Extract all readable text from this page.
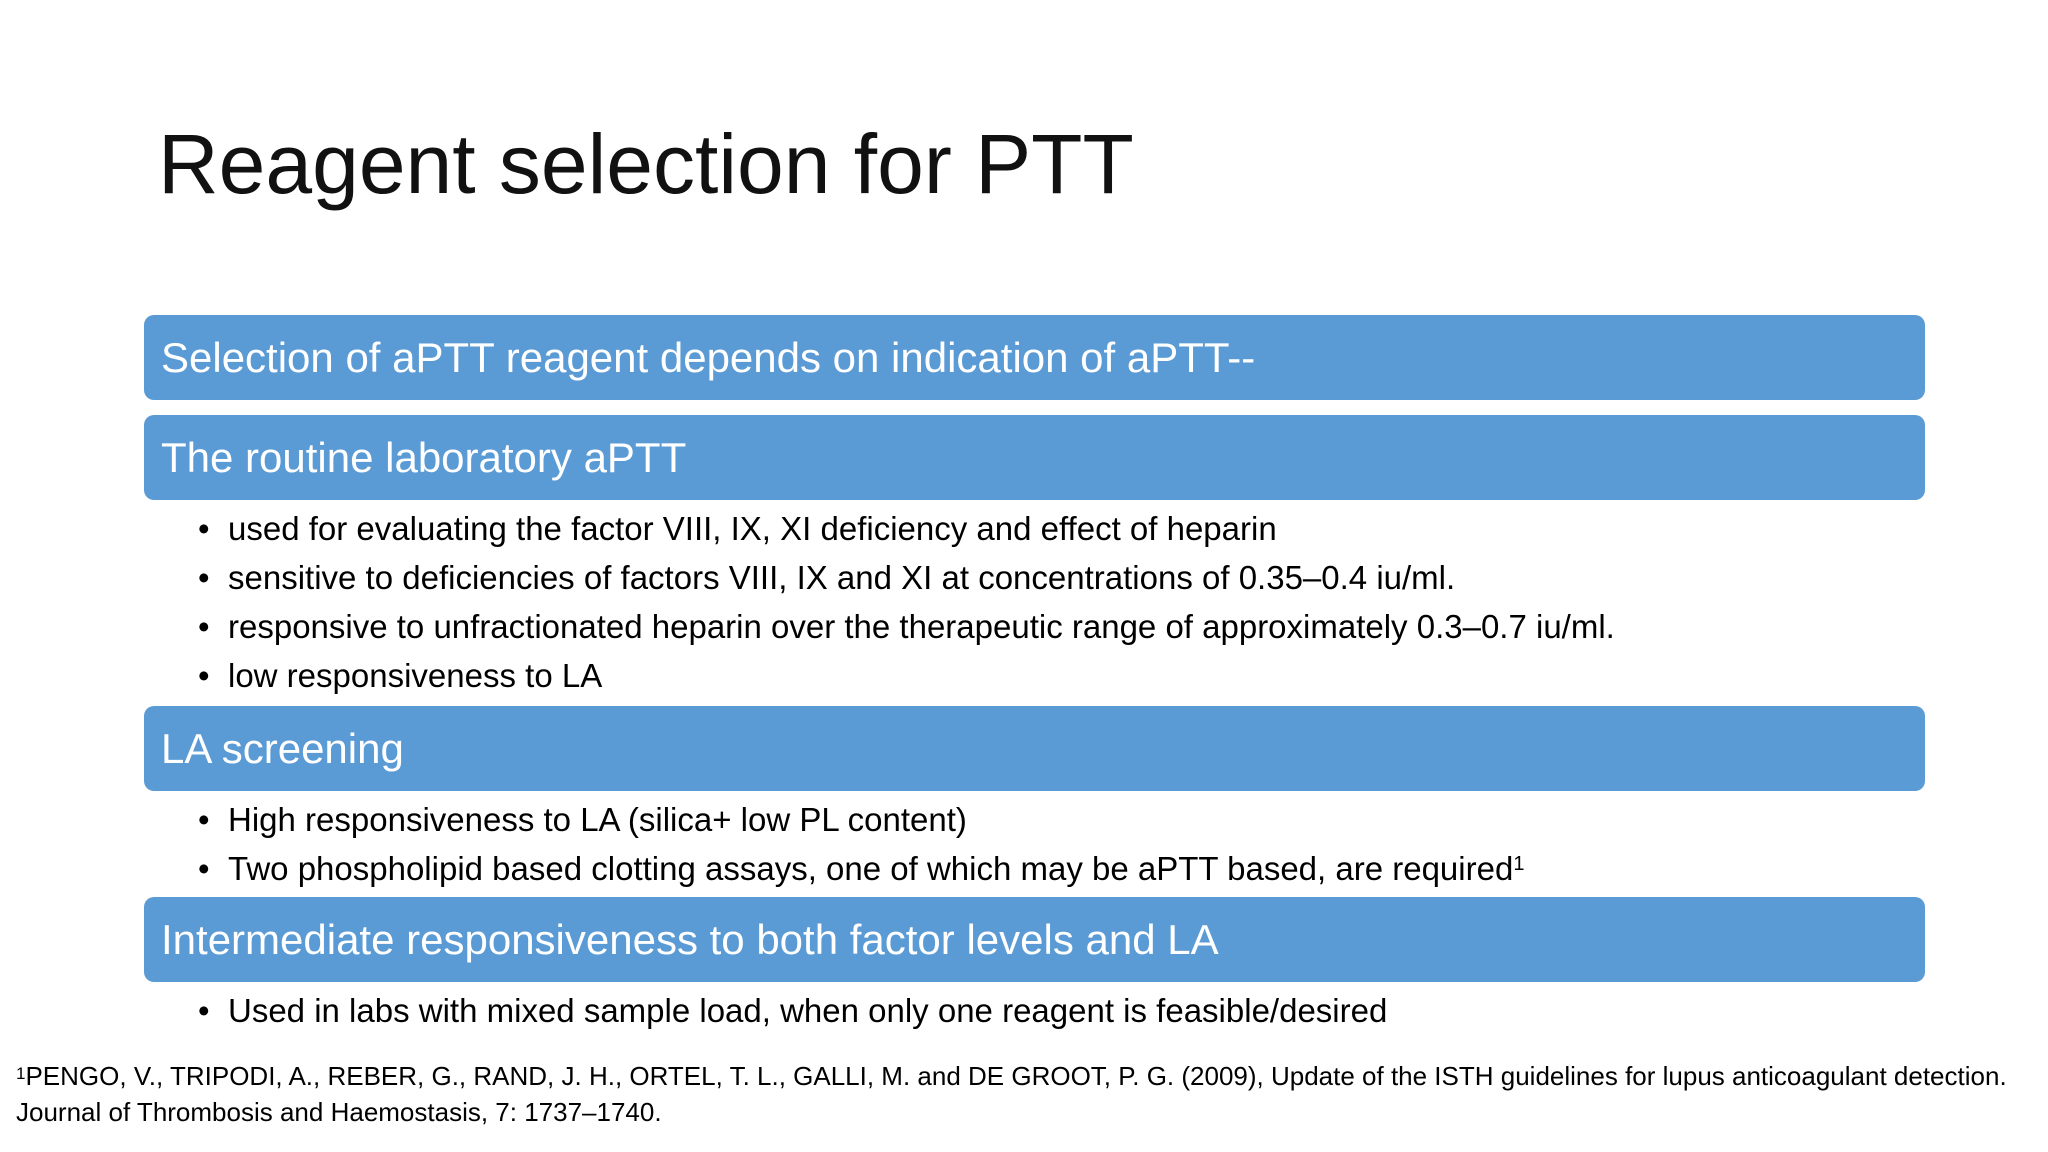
Reagent selection for PTT
Selection of aPTT reagent depends on indication of aPTT--
The routine laboratory aPTT
• used for evaluating the factor VIII, IX, XI deficiency and effect of heparin
• sensitive to deficiencies of factors VIII, IX and XI at concentrations of 0.35–0.4 iu/ml.
• responsive to unfractionated heparin over the therapeutic range of approximately 0.3–0.7 iu/ml.
• low responsiveness to LA
LA screening
• High responsiveness to LA (silica+ low PL content)
• Two phospholipid based clotting assays, one of which may be aPTT based, are required$^1$
Intermediate responsiveness to both factor levels and LA
• Used in labs with mixed sample load, when only one reagent is feasible/desired
$^1$PENGO, V., TRIPODI, A., REBER, G., RAND, J. H., ORTEL, T. L., GALLI, M. and DE GROOT, P. G. (2009), Update of the ISTH guidelines for lupus anticoagulant detection.
Journal of Thrombosis and Haemostasis, 7: 1737–1740.
